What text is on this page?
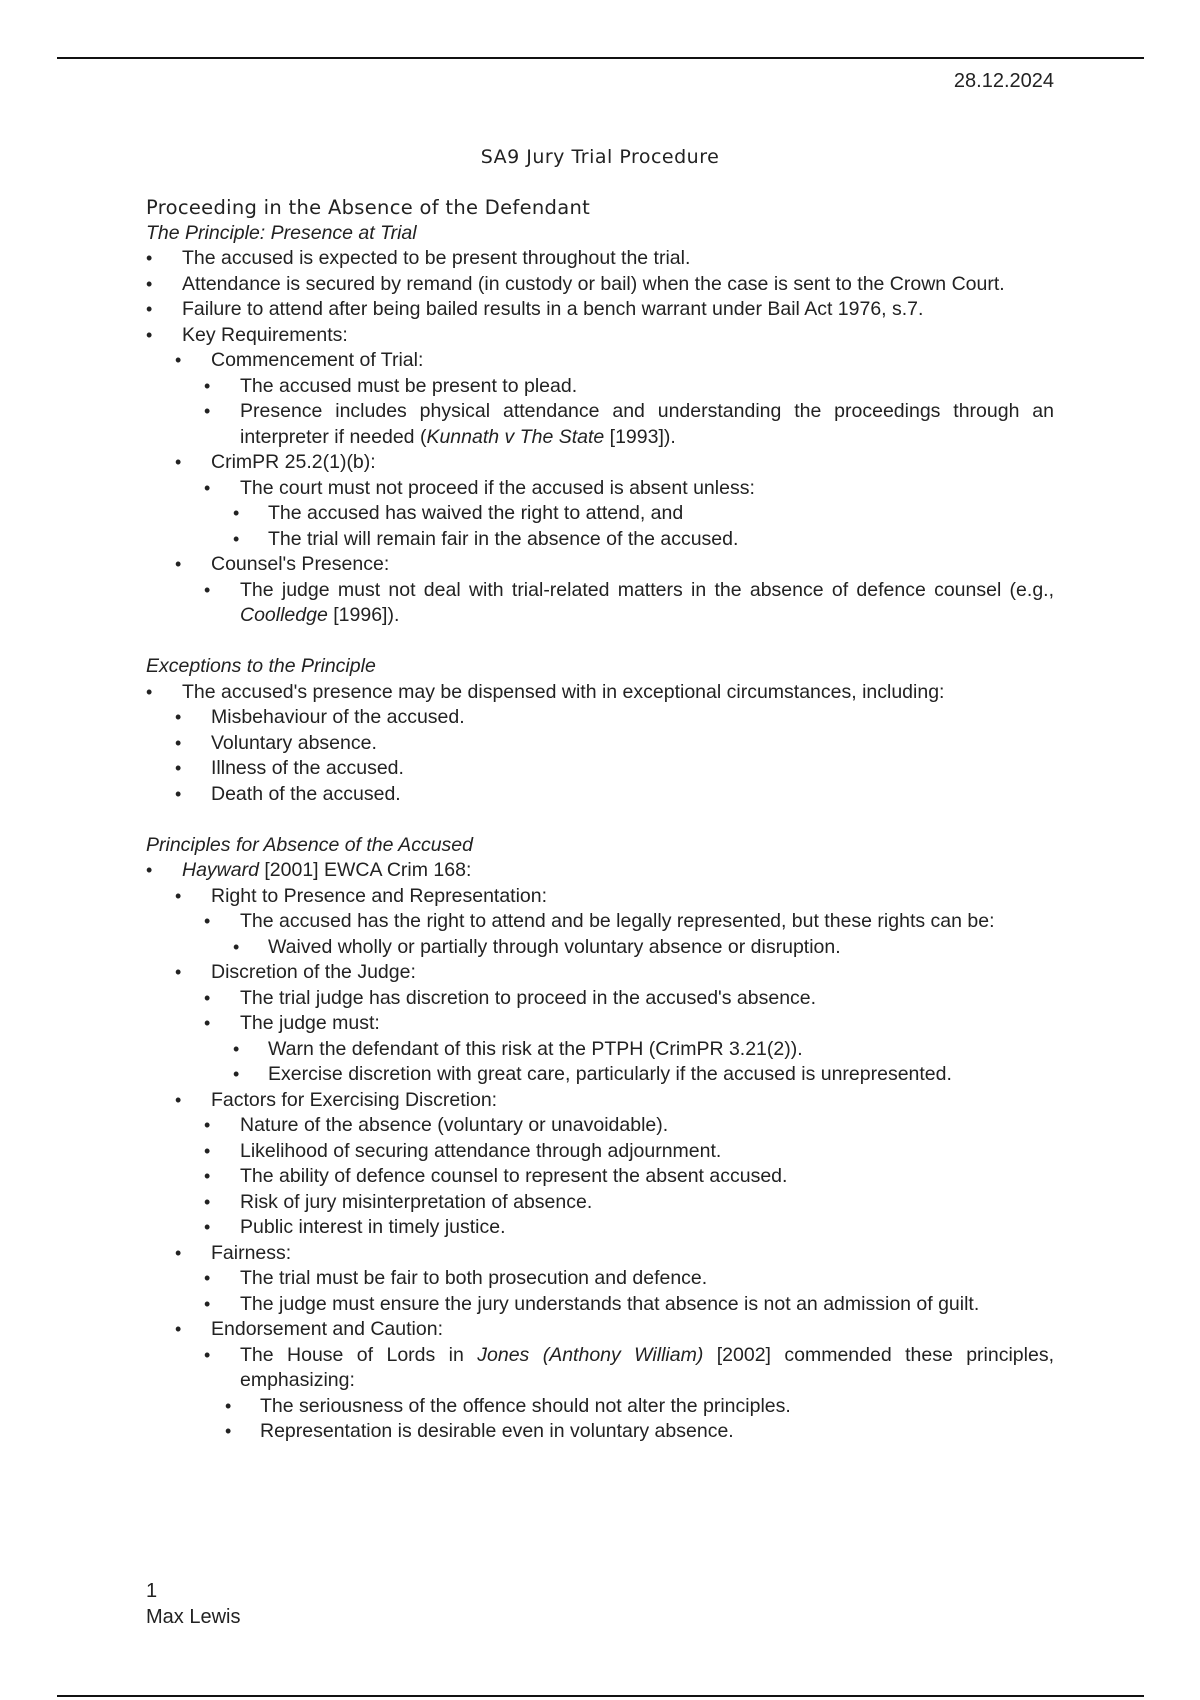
28.12.2024
SA9 Jury Trial Procedure
Proceeding in the Absence of the Defendant
The Principle: Presence at Trial
• The accused is expected to be present throughout the trial.
• Attendance is secured by remand (in custody or bail) when the case is sent to the Crown Court.
• Failure to attend after being bailed results in a bench warrant under Bail Act 1976, s.7.
• Key Requirements:
• Commencement of Trial:
• The accused must be present to plead.
• Presence includes physical attendance and understanding the proceedings through an interpreter if needed (Kunnath v The State [1993]).
• CrimPR 25.2(1)(b):
• The court must not proceed if the accused is absent unless:
• The accused has waived the right to attend, and
• The trial will remain fair in the absence of the accused.
• Counsel's Presence:
• The judge must not deal with trial-related matters in the absence of defence counsel (e.g., Coolledge [1996]).
Exceptions to the Principle
• The accused's presence may be dispensed with in exceptional circumstances, including:
• Misbehaviour of the accused.
• Voluntary absence.
• Illness of the accused.
• Death of the accused.
Principles for Absence of the Accused
• Hayward [2001] EWCA Crim 168:
• Right to Presence and Representation:
• The accused has the right to attend and be legally represented, but these rights can be:
• Waived wholly or partially through voluntary absence or disruption.
• Discretion of the Judge:
• The trial judge has discretion to proceed in the accused's absence.
• The judge must:
• Warn the defendant of this risk at the PTPH (CrimPR 3.21(2)).
• Exercise discretion with great care, particularly if the accused is unrepresented.
• Factors for Exercising Discretion:
• Nature of the absence (voluntary or unavoidable).
• Likelihood of securing attendance through adjournment.
• The ability of defence counsel to represent the absent accused.
• Risk of jury misinterpretation of absence.
• Public interest in timely justice.
• Fairness:
• The trial must be fair to both prosecution and defence.
• The judge must ensure the jury understands that absence is not an admission of guilt.
• Endorsement and Caution:
• The House of Lords in Jones (Anthony William) [2002] commended these principles, emphasizing:
• The seriousness of the offence should not alter the principles.
• Representation is desirable even in voluntary absence.
1
Max Lewis
